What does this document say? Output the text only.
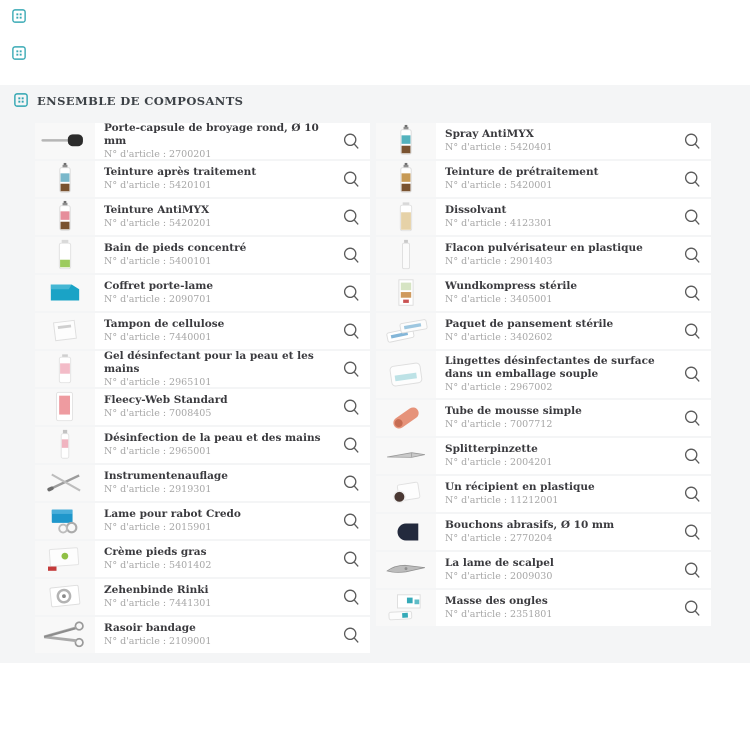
ENSEMBLE DE COMPOSANTS
Porte-capsule de broyage rond, Ø 10 mm
N° d'article : 2700201
Teinture après traitement
N° d'article : 5420101
Teinture AntiMYX
N° d'article : 5420201
Bain de pieds concentré
N° d'article : 5400101
Coffret porte-lame
N° d'article : 2090701
Tampon de cellulose
N° d'article : 7440001
Gel désinfectant pour la peau et les mains
N° d'article : 2965101
Fleecy-Web Standard
N° d'article : 7008405
Désinfection de la peau et des mains
N° d'article : 2965001
Instrumentenauflage
N° d'article : 2919301
Lame pour rabot Credo
N° d'article : 2015901
Crème pieds gras
N° d'article : 5401402
Zehenbinde Rinki
N° d'article : 7441301
Rasoir bandage
N° d'article : 2109001
Spray AntiMYX
N° d'article : 5420401
Teinture de prétraitement
N° d'article : 5420001
Dissolvant
N° d'article : 4123301
Flacon pulvérisateur en plastique
N° d'article : 2901403
Wundkompress stérile
N° d'article : 3405001
Paquet de pansement stérile
N° d'article : 3402602
Lingettes désinfectantes de surface dans un emballage souple
N° d'article : 2967002
Tube de mousse simple
N° d'article : 7007712
Splitterpinzette
N° d'article : 2004201
Un récipient en plastique
N° d'article : 11212001
Bouchons abrasifs, Ø 10 mm
N° d'article : 2770204
La lame de scalpel
N° d'article : 2009030
Masse des ongles
N° d'article : 2351801
